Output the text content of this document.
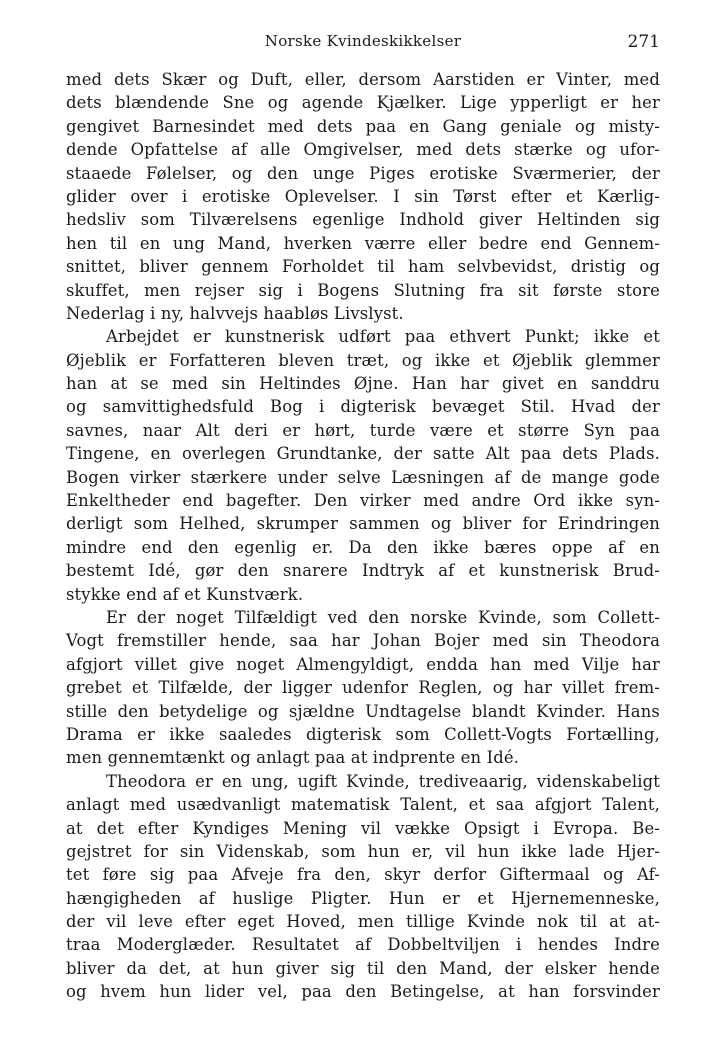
Norske Kvindeskikkelser	271
med dets Skær og Duft, eller, dersom Aarstiden er Vinter, med
dets blændende Sne og agende Kjælker. Lige ypperligt er her
gengivet Barnesindet med dets paa en Gang geniale og misty-
dende Opfattelse af alle Omgivelser, med dets stærke og ufor-
staaede Følelser, og den unge Piges erotiske Sværmerier, der
glider over i erotiske Oplevelser. I sin Tørst efter et Kærlig-
hedsliv som Tilværelsens egenlige Indhold giver Heltinden sig
hen til en ung Mand, hverken værre eller bedre end Gennem-
snittet, bliver gennem Forholdet til ham selvbevidst, dristig og
skuffet, men rejser sig i Bogens Slutning fra sit første store
Nederlag i ny, halvvejs haabløs Livslyst.
Arbejdet er kunstnerisk udført paa ethvert Punkt; ikke et
Øjeblik er Forfatteren bleven træt, og ikke et Øjeblik glemmer
han at se med sin Heltindes Øjne. Han har givet en sanddru
og samvittighedsfuld Bog i digterisk bevæget Stil. Hvad der
savnes, naar Alt deri er hørt, turde være et større Syn paa
Tingene, en overlegen Grundtanke, der satte Alt paa dets Plads.
Bogen virker stærkere under selve Læsningen af de mange gode
Enkeltheder end bagefter. Den virker med andre Ord ikke syn-
derligt som Helhed, skrumper sammen og bliver for Erindringen
mindre end den egenlig er. Da den ikke bæres oppe af en
bestemt Idé, gør den snarere Indtryk af et kunstnerisk Brud-
stykke end af et Kunstværk.
Er der noget Tilfældigt ved den norske Kvinde, som Collett-
Vogt fremstiller hende, saa har Johan Bojer med sin Theodora
afgjort villet give noget Almengyldigt, endda han med Vilje har
grebet et Tilfælde, der ligger udenfor Reglen, og har villet frem-
stille den betydelige og sjældne Undtagelse blandt Kvinder. Hans
Drama er ikke saaledes digterisk som Collett-Vogts Fortælling,
men gennemtænkt og anlagt paa at indprente en Idé.
Theodora er en ung, ugift Kvinde, trediveaarig, videnskabeligt
anlagt med usædvanligt matematisk Talent, et saa afgjort Talent,
at det efter Kyndiges Mening vil vække Opsigt i Evropa. Be-
gejstret for sin Videnskab, som hun er, vil hun ikke lade Hjer-
tet føre sig paa Afveje fra den, skyr derfor Giftermaal og Af-
hængigheden af huslige Pligter. Hun er et Hjernemenneske,
der vil leve efter eget Hoved, men tillige Kvinde nok til at at-
traa Moderglæder. Resultatet af Dobbeltviljen i hendes Indre
bliver da det, at hun giver sig til den Mand, der elsker hende
og hvem hun lider vel, paa den Betingelse, at han forsvinder
